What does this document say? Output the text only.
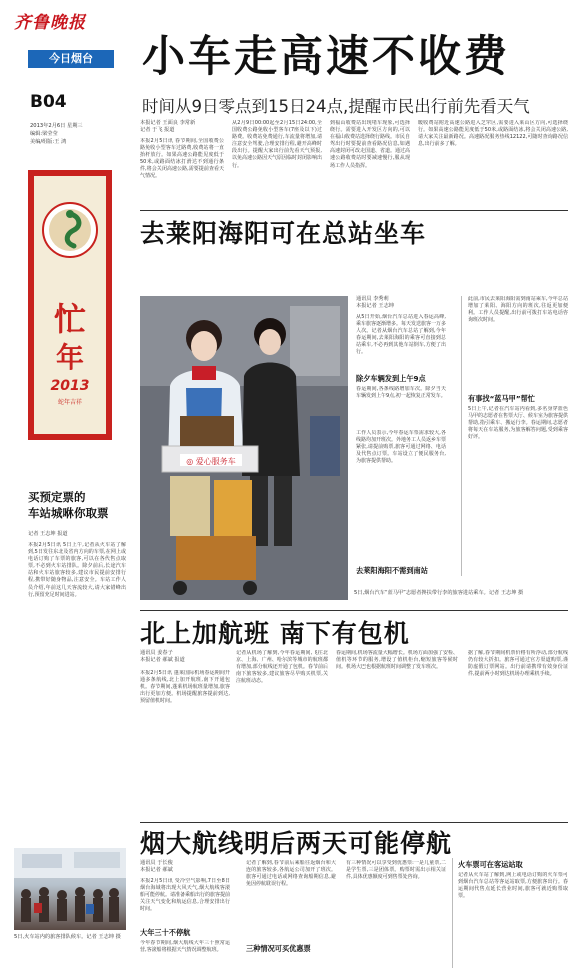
齐鲁晚报
今日烟台
B04
2013年2月6日 星期三
编辑:梁莹莹
美编/组版:王 鸿
小车走高速不收费
时间从9日零点到15日24点,提醒市民出行前先看天气
本报记者 王面良 李常新
记者 于飞 报道
本报2月5日讯 春节期间,全国收费公路免收小型客车过路费,收费站将一直抬杆放行。如果高速公路能见度低于50米,或路面结冰打滑达不到通行条件,将会关闭高速公路,需要提前查看天气情况。
从2月9日00:00起至2月15日24:00,全国收费公路免收小型客车(7座及以下)过路费。收费站免费通行,车流量将增加,请注意安全驾驶,合理安排行程,避开高峰时段出行。提醒大家出行前先看天气预报,以免高速公路因天气原因临时封闭影响出行。
到福山收费站出现堵车现象,可选择绕行。需要进入开发区方向的,可以在福山收费站选择绕行路线。市民自驾出行时要提前查看路况信息,如遇高速封闭可改走国道、省道。通过高速公路收费站时要减速慢行,服从现场工作人员指挥。
暖收费站附近高速公路进入芝罘区,需要进入莱山区方向,可选择绕行。如果高速公路能见度低于50米,或路面结冰,将会关闭高速公路,请大家关注最新路况。高速路况服务热线12122,可随时查询路况信息,出行前多了解。
忙
年
2013
蛇年吉祥
买预定票的
车站城咻你取票
记者 王志坤 报道
本报2月5日讯 5日上午,记者从火车站了解到,5日发往东北及省内方向的车票,在网上或电话订购了车票的旅客,可以在各代售点取票,不必到火车站排队。除夕前后,长途汽车站和火车站旅客较多,建议市民提前安排行程,携带好随身物品,注意安全。车站工作人员介绍,年前这几天客流较大,请大家错峰出行,预留充足时间进站。
5日,火车站内的旅客排队候车。记者 王志坤 摄
去莱阳海阳可在总站坐车
◎ 爱心服务车
5日,烟台汽车“蓝马甲”志愿者搀扶带行李的旅客进站乘车。记者 王志坤 摄
通讯员 李秀莉
本报记者 王志坤
从5日开始,烟台汽车总站进入春运高峰,乘车旅客逐渐增多。每天发送旅客一万多人次。记者从烟台汽车总站了解到,今年春运期间,去莱阳海阳的乘客可直接到总站乘车,不必再到其他车站倒车,方便了出行。
除夕车辆发到上午9点
春运期间,各条线路增加车次。除夕当天车辆发到上午9点,初一起恢复正常发车。
工作人员表示,今年春运车票需求较大,各线路均加开班次。外地务工人员返乡车票紧张,请提前购票,旅客可通过网络、电话及代售点订票。车站设立了便民服务台,为旅客提供帮助。
去莱阳海阳不需到南站
此前,市民去莱阳海阳需到南站乘车,今年总站增加了莱阳、海阳方向的班次,往返更加便利。工作人员提醒,出行前可拨打车站电话咨询班次时间。
有事找“蓝马甲”帮忙
5日上午,记者在汽车站内看到,多名身穿蓝色马甲的志愿者在售票大厅、候车室为旅客提供帮助,指引乘车、搬运行李。春运期间,志愿者将每天在车站服务,为旅客解答问题,受到乘客好评。
北上加航班 南下有包机
通讯员 姜春子
本报记者 郝斌 报道
本报2月5日讯 蓬莱国际机场春运期间开通多条航线,北上加开航班,南下开通包机。春节期间,蓬莱机场航班量增加,旅客出行更加方便。机场提醒旅客提前到达,预留值机时间。
记者从机场了解到,今年春运期间,飞往北京、上海、广州、哈尔滨等城市的航班都有增加,部分航线还开通了包机。春节前后南下旅客较多,建议旅客尽早购买机票,关注航班动态。
春运期间,机场客流量大幅增长。机场方面加强了安检、值机等环节的服务,增设了值机柜台,缩短旅客等候时间。机场大巴也根据航班时间调整了发车班次。
据了解,春节期间机票价格有所浮动,部分航线仍有较大折扣。旅客可通过官方渠道购票,谨防虚假订票网站。出行前请携带有效身份证件,提前两小时到达机场办理乘机手续。
烟大航线明后两天可能停航
通讯员 于长俊
本报记者 郝斌
本报2月5日讯 受冷空气影响,7日至8日烟台海域将出现大风天气,烟大航线客滚船可能停航。请准备乘船出行的旅客提前关注天气变化和航运信息,合理安排出行时间。
大年三十不停航
今年春节期间,烟大航线大年三十照常运营,客滚船将根据天气情况调整航班。
记者了解到,春节前后乘船往返烟台和大连的旅客较多,各航运公司加开了班次。旅客可通过电话或网络查询船期信息,避免因停航耽误行程。
三种情况可买优惠票
有三种情况可以享受到优惠票:一是儿童票,二是学生票,三是团体票。购票时需出示相关证件,具体优惠额度可到售票处咨询。
火车票可在客运站取
记者从火车站了解到,网上或电话订购的火车票可到烟台汽车总站等客运站取票,方便旅客出行。春运期间代售点延长营业时间,旅客可就近购票取票。
